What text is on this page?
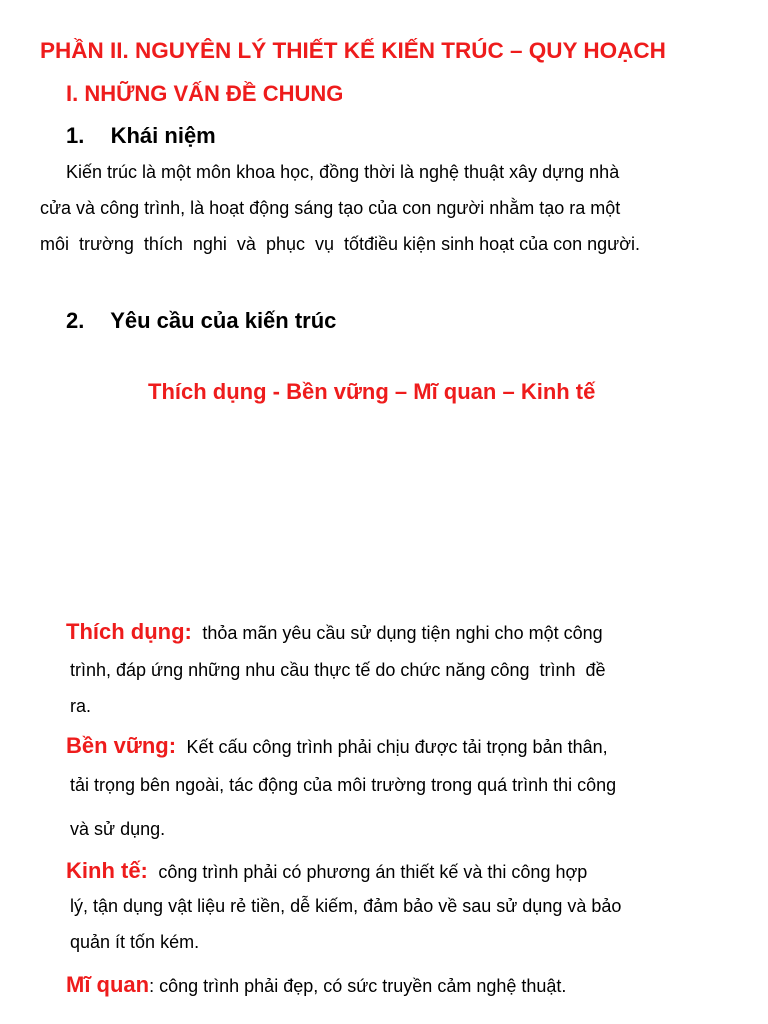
PHẦN II. NGUYÊN LÝ THIẾT KẾ KIẾN TRÚC – QUY HOẠCH
I. NHỮNG VẤN ĐỀ CHUNG
1. Khái niệm
Kiến trúc là một môn khoa học, đồng thời là nghệ thuật xây dựng nhà
cửa và công trình, là hoạt động sáng tạo của con người nhằm tạo ra một
môi  trường  thích  nghi  và  phục  vụ  tốtđiều kiện sinh hoạt của con người.
2. Yêu cầu của kiến trúc
Thích dụng - Bền vững – Mĩ quan – Kinh tế
Thích dụng: thỏa mãn yêu cầu sử dụng tiện nghi cho một công
trình, đáp ứng những nhu cầu thực tế do chức năng công  trình  đề
ra.
Bền vững: Kết cấu công trình phải chịu được tải trọng bản thân,
tải trọng bên ngoài, tác động của môi trường trong quá trình thi công
và sử dụng.
Kinh tế: công trình phải có phương án thiết kế và thi công hợp
lý, tận dụng vật liệu rẻ tiền, dễ kiếm, đảm bảo về sau sử dụng và bảo
quản ít tốn kém.
Mĩ quan: công trình phải đẹp, có sức truyền cảm nghệ thuật.
